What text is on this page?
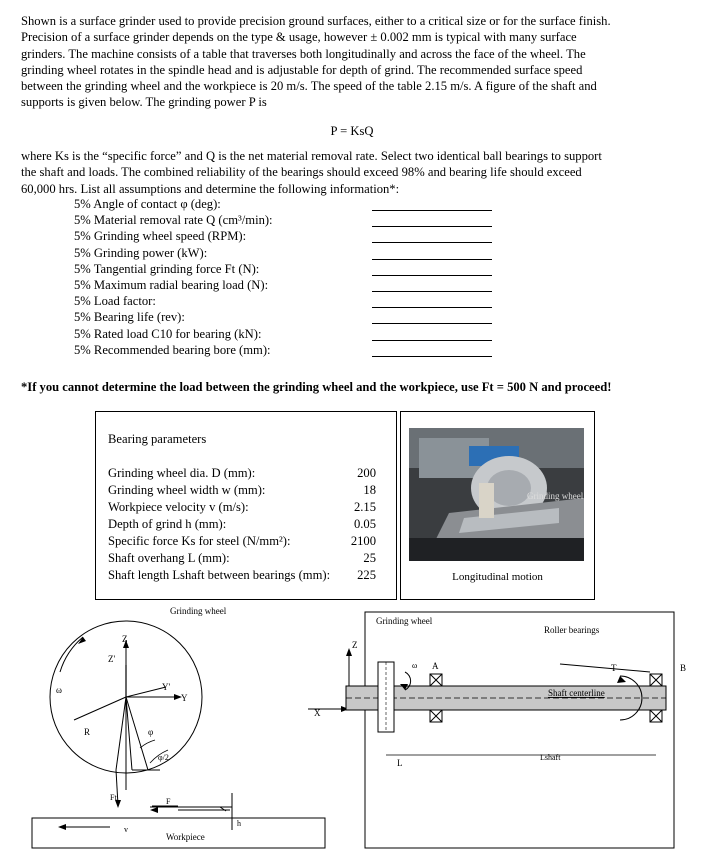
Shown is a surface grinder used to provide precision ground surfaces, either to a critical size or for the surface finish.
Precision of a surface grinder depends on the type & usage, however ± 0.002 mm is typical with many surface
grinders. The machine consists of a table that traverses both longitudinally and across the face of the wheel. The
grinding wheel rotates in the spindle head and is adjustable for depth of grind. The recommended surface speed
between the grinding wheel and the workpiece is 20 m/s. The speed of the table 2.15 m/s. A figure of the shaft and
supports is given below. The grinding power P is
P = KsQ
where Ks is the “specific force” and Q is the net material removal rate. Select two identical ball bearings to support
the shaft and loads. The combined reliability of the bearings should exceed 98% and bearing life should exceed
60,000 hrs. List all assumptions and determine the following information*:
5% Angle of contact φ (deg):
5% Material removal rate Q (cm³/min):
5% Grinding wheel speed (RPM):
5% Grinding power (kW):
5% Tangential grinding force Ft (N):
5% Maximum radial bearing load (N):
5% Load factor:
5% Bearing life (rev):
5% Rated load C10 for bearing (kN):
5% Recommended bearing bore (mm):
*If you cannot determine the load between the grinding wheel and the workpiece, use Ft = 500 N and proceed!
Bearing parameters
Grinding wheel dia. D (mm):	200
Grinding wheel width w (mm):	18
Workpiece velocity v (m/s):	2.15
Depth of grind h (mm):	0.05
Specific force Ks for steel (N/mm²):	2100
Shaft overhang L (mm):	25
Shaft length Lshaft between bearings (mm): 225
Grinding wheel
Longitudinal motion
Grinding wheel
Workpiece
Z
Z'
Y
Y'
ω
R	φ
φ/2
Ft	F
v
h
Grinding wheel
Roller bearings
Shaft centerline
Z
X
ω A	B
T
L
Lshaft
